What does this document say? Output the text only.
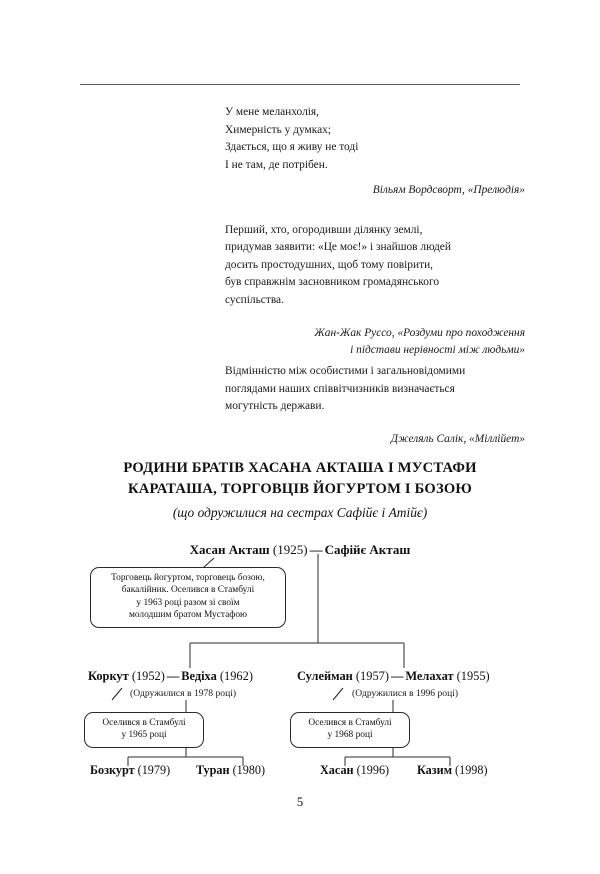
У мене меланхолія,

Химерність у думках;

Здається, що я живу не тоді

І не там, де потрібен.

Вільям Вордсворт, «Прелюдія»

Перший, хто, огородивши ділянку землі,

придумав заявити: «Це моє!» і знайшов людей

досить простодушних, щоб тому повірити,

був справжнім засновником громадянського

суспільства.

Жан-Жак Руссо, «Роздуми про походження

і підстави нерівності між людьми»

Відмінністю між особистими і загальновідомими

поглядами наших співвітчизників визначається

могутність держави.

Джеляль Салік, «Міллійет»

РОДИНИ БРАТІВ ХАСАНА АКТАША І МУСТАФИ
КАРАТАША, ТОРГОВЦІВ ЙОГУРТОМ І БОЗОЮ
(що одружилися на сестрах Сафійє і Атійє)
Хасан Акташ (1925) — Сафійє Акташ
Торговець йогуртом, торговець бозою,
бакалійник. Оселився в Стамбулі
у 1963 році разом зі своїм
молодшим братом Мустафою
Коркут (1952) — Ведіха (1962)
(Одружилися в 1978 році)
Оселився в Стамбулі
у 1965 році
Сулейман (1957) — Мелахат (1955)
(Одружилися в 1996 році)
Оселився в Стамбулі
у 1968 році
Бозкурт (1979) Туран (1980)	Хасан (1996) Казим (1998)
5
